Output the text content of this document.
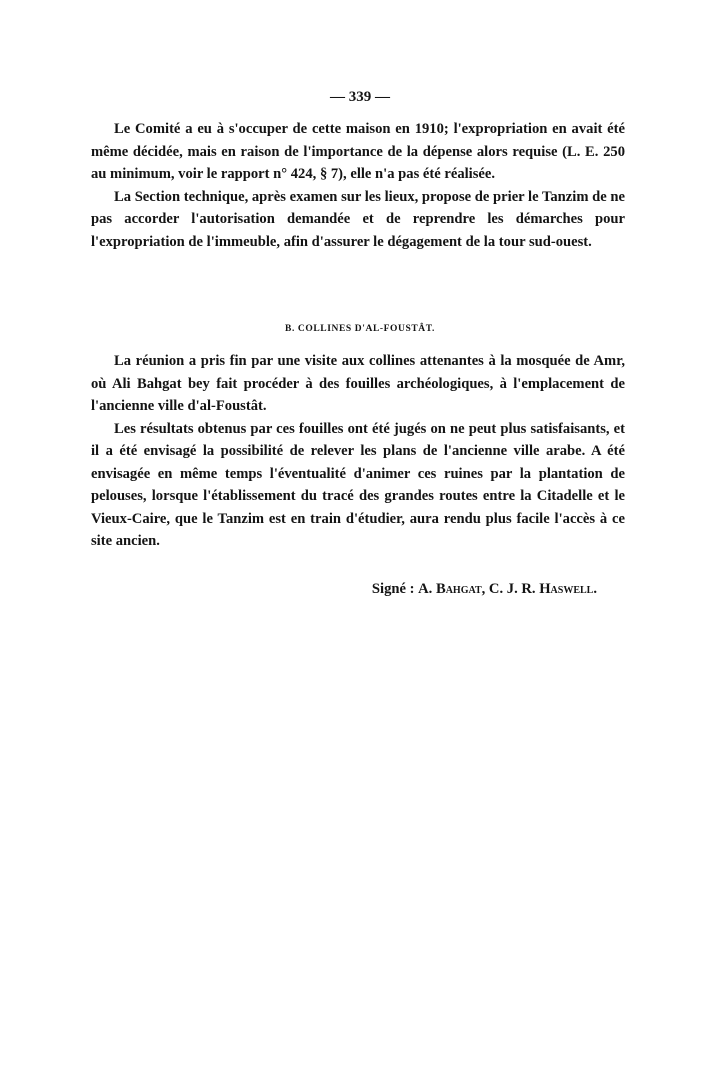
— 339 —

Le Comité a eu à s'occuper de cette maison en 1910; l'expropriation en avait été même décidée, mais en raison de l'importance de la dépense alors requise (L. E. 250 au minimum, voir le rapport n° 424, § 7), elle n'a pas été réalisée.

La Section technique, après examen sur les lieux, propose de prier le Tanzim de ne pas accorder l'autorisation demandée et de reprendre les démarches pour l'expropriation de l'immeuble, afin d'assurer le dégagement de la tour sud-ouest.

B. COLLINES D'AL-FOUSTÂT.

La réunion a pris fin par une visite aux collines attenantes à la mosquée de Amr, où Ali Bahgat bey fait procéder à des fouilles archéologiques, à l'emplacement de l'ancienne ville d'al-Foustât.

Les résultats obtenus par ces fouilles ont été jugés on ne peut plus satisfaisants, et il a été envisagé la possibilité de relever les plans de l'ancienne ville arabe. A été envisagée en même temps l'éventualité d'animer ces ruines par la plantation de pelouses, lorsque l'établissement du tracé des grandes routes entre la Citadelle et le Vieux-Caire, que le Tanzim est en train d'étudier, aura rendu plus facile l'accès à ce site ancien.

Signé : A. Bahgat, C. J. R. Haswell.
